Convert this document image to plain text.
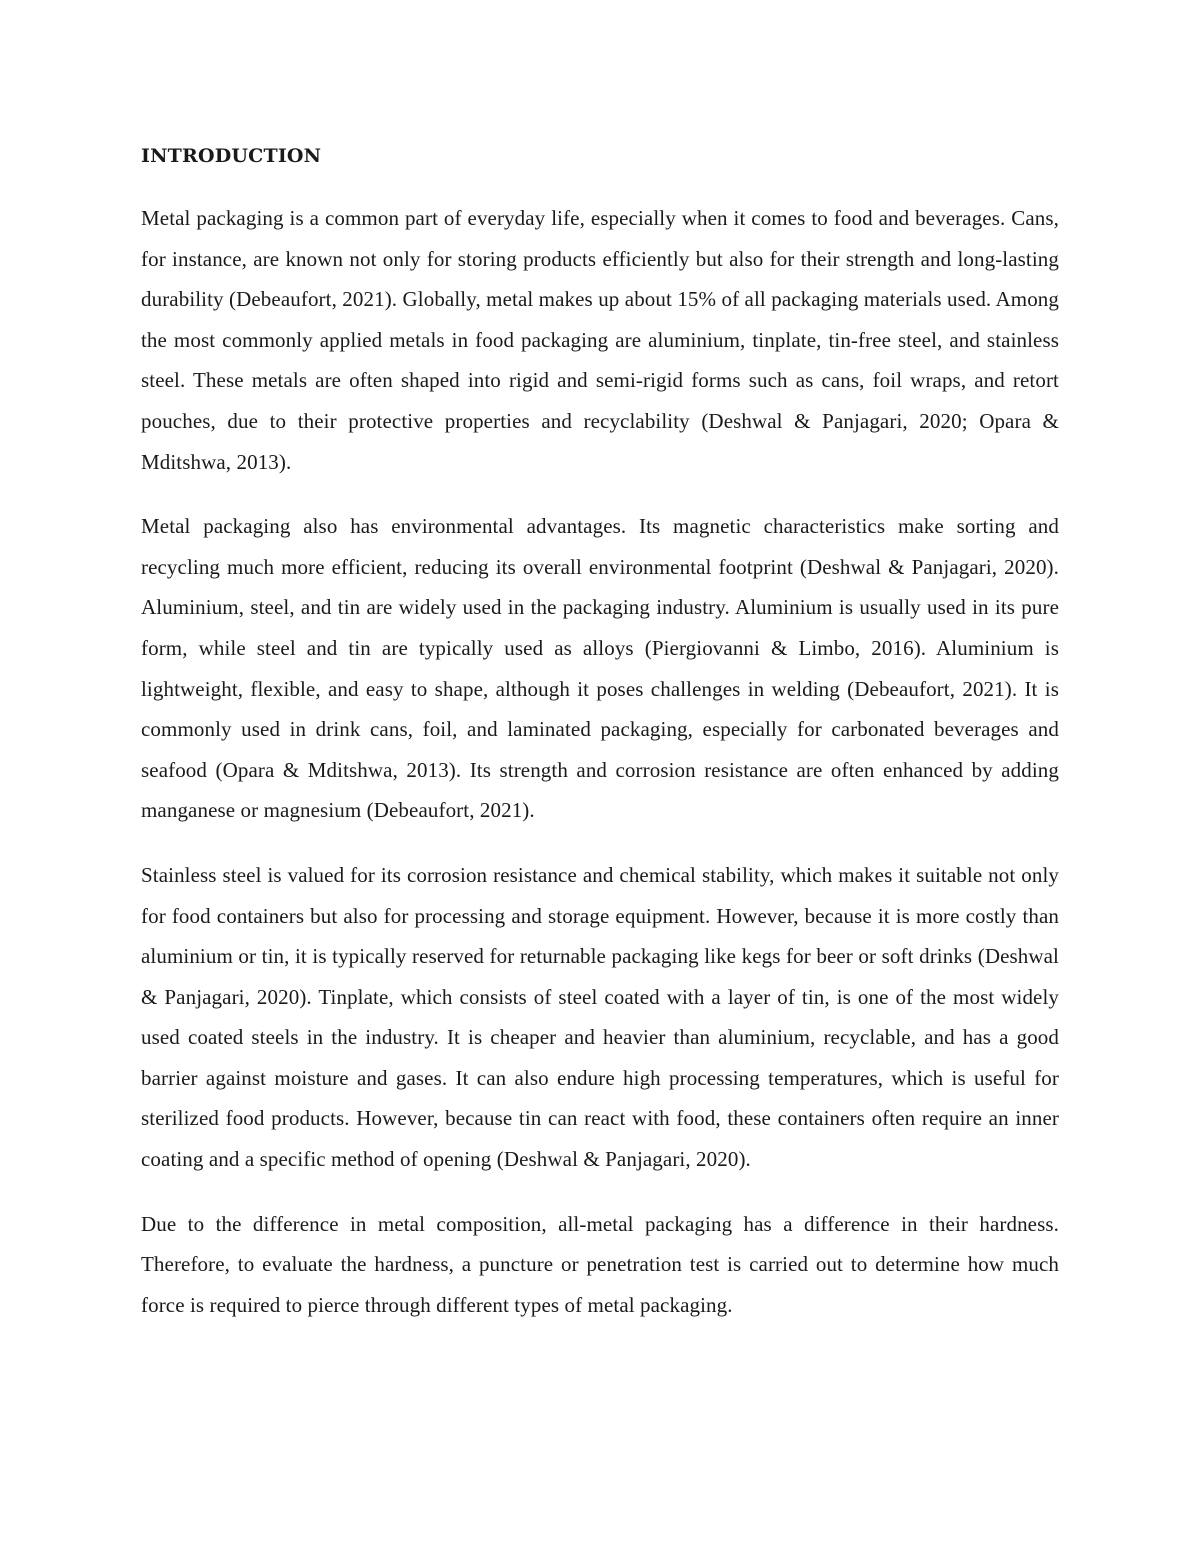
INTRODUCTION

Metal packaging is a common part of everyday life, especially when it comes to food and beverages. Cans, for instance, are known not only for storing products efficiently but also for their strength and long-lasting durability (Debeaufort, 2021). Globally, metal makes up about 15% of all packaging materials used. Among the most commonly applied metals in food packaging are aluminium, tinplate, tin-free steel, and stainless steel. These metals are often shaped into rigid and semi-rigid forms such as cans, foil wraps, and retort pouches, due to their protective properties and recyclability (Deshwal & Panjagari, 2020; Opara & Mditshwa, 2013).

Metal packaging also has environmental advantages. Its magnetic characteristics make sorting and recycling much more efficient, reducing its overall environmental footprint (Deshwal & Panjagari, 2020). Aluminium, steel, and tin are widely used in the packaging industry. Aluminium is usually used in its pure form, while steel and tin are typically used as alloys (Piergiovanni & Limbo, 2016). Aluminium is lightweight, flexible, and easy to shape, although it poses challenges in welding (Debeaufort, 2021). It is commonly used in drink cans, foil, and laminated packaging, especially for carbonated beverages and seafood (Opara & Mditshwa, 2013). Its strength and corrosion resistance are often enhanced by adding manganese or magnesium (Debeaufort, 2021).

Stainless steel is valued for its corrosion resistance and chemical stability, which makes it suitable not only for food containers but also for processing and storage equipment. However, because it is more costly than aluminium or tin, it is typically reserved for returnable packaging like kegs for beer or soft drinks (Deshwal & Panjagari, 2020). Tinplate, which consists of steel coated with a layer of tin, is one of the most widely used coated steels in the industry. It is cheaper and heavier than aluminium, recyclable, and has a good barrier against moisture and gases. It can also endure high processing temperatures, which is useful for sterilized food products. However, because tin can react with food, these containers often require an inner coating and a specific method of opening (Deshwal & Panjagari, 2020).

Due to the difference in metal composition, all-metal packaging has a difference in their hardness. Therefore, to evaluate the hardness, a puncture or penetration test is carried out to determine how much force is required to pierce through different types of metal packaging.
